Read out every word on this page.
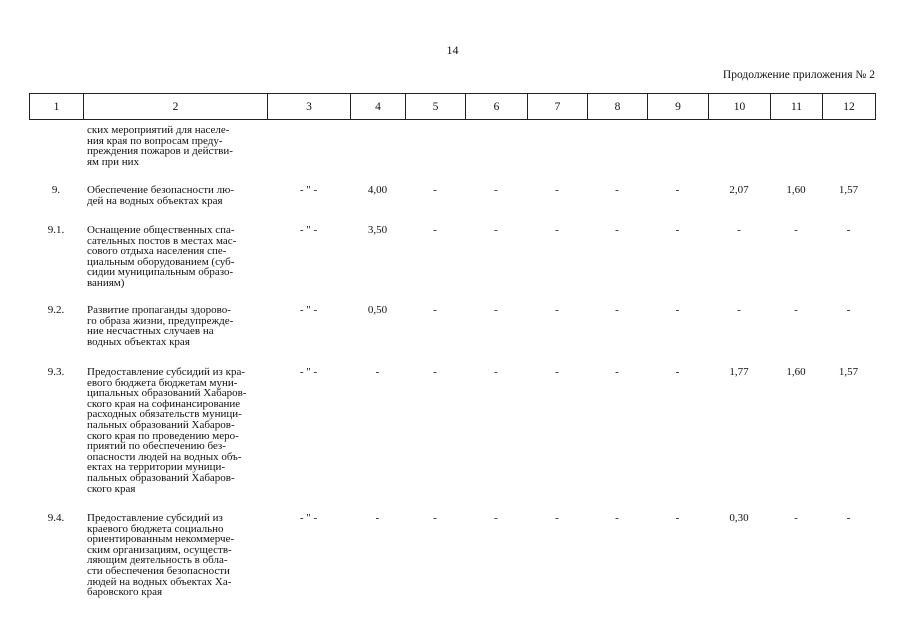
14
Продолжение приложения № 2
1	2	3	4	5	6	7	8	9	10	11	12
ских мероприятий для населе-
ния края по вопросам преду-
преждения пожаров и действи-
ям при них
9.	Обеспечение безопасности лю-
дей на водных объектах края
- " -	4,00	-	-	-	-	-	2,07	1,60	1,57
9.1.	Оснащение общественных спа-
сательных постов в местах мас-
сового отдыха населения спе-
циальным оборудованием (суб-
сидии муниципальным образо-
ваниям)
- " -	3,50	-	-	-	-	-	-	-	-
9.2.	Развитие пропаганды здорово-
го образа жизни, предупрежде-
ние несчастных случаев на
водных объектах края
- " -	0,50	-	-	-	-	-	-	-	-
9.3.	Предоставление субсидий из кра-
евого бюджета бюджетам муни-
ципальных образований Хабаров-
ского края на софинансирование
расходных обязательств муници-
пальных образований Хабаров-
ского края по проведению меро-
приятий по обеспечению без-
опасности людей на водных объ-
ектах на территории муници-
пальных образований Хабаров-
ского края
- " -	-	-	-	-	-	-	1,77	1,60	1,57
9.4.	Предоставление субсидий из
краевого бюджета социально
ориентированным некоммерче-
ским организациям, осуществ-
ляющим деятельность в обла-
сти обеспечения безопасности
людей на водных объектах Ха-
баровского края
- " -	-	-	-	-	-	-	0,30	-	-
